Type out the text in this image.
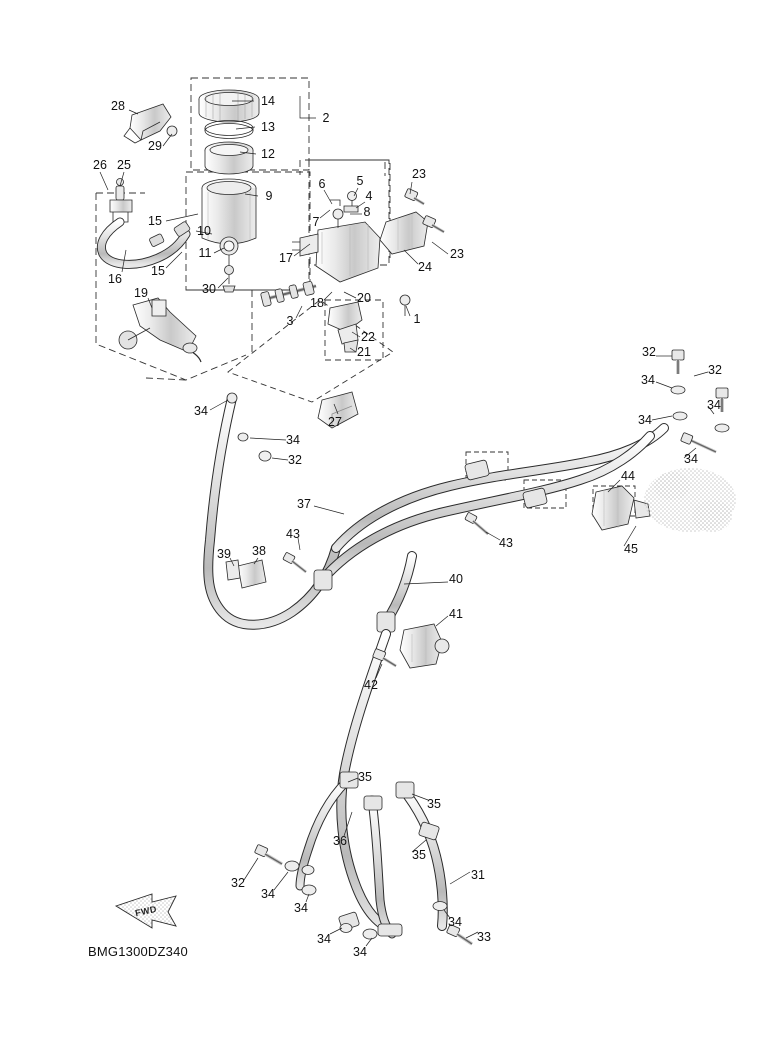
FWD
BMG1300DZ340
28	14
2
13
29
12
26 25
23
5
6
9	4
8
7
15
10
11	17	23
24
16
15
30
19
18	20
1
3
22
21	32
32
34
34
34
34
27
34
34
32
44
37
43	45
43
39 38
40
41
42
35
35
36
35
31
32
34
34
34
34
34
33
